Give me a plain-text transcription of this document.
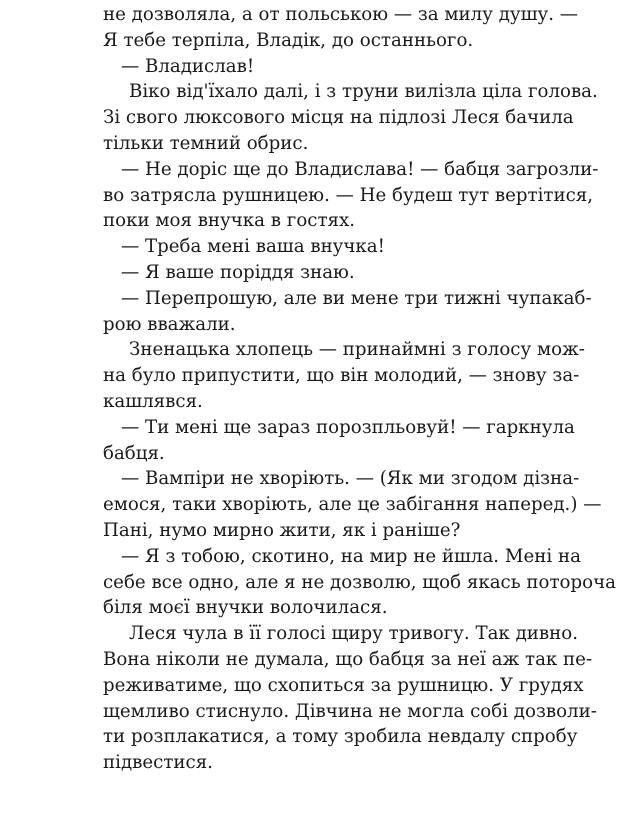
не дозволяла, а от польською — за милу душу. —
Я тебе терпіла, Владік, до останнього.
— Владислав!
Віко від'їхало далі, і з труни вилізла ціла голова.
Зі свого люксового місця на підлозі Леся бачила
тільки темний обрис.
— Не доріс ще до Владислава! — бабця загрозли-
во затрясла рушницею. — Не будеш тут вертітися,
поки моя внучка в гостях.
— Треба мені ваша внучка!
— Я ваше поріддя знаю.
— Перепрошую, але ви мене три тижні чупакаб-
рою вважали.
Зненацька хлопець — принаймні з голосу мож-
на було припустити, що він молодий, — знову за-
кашлявся.
— Ти мені ще зараз порозпльовуй! — гаркнула
бабця.
— Вампіри не хворіють. — (Як ми згодом дізна-
емося, таки хворіють, але це забігання наперед.) —
Пані, нумо мирно жити, як і раніше?
— Я з тобою, скотино, на мир не йшла. Мені на
себе все одно, але я не дозволю, щоб якась потороча
біля моєї внучки волочилася.
Леся чула в її голосі щиру тривогу. Так дивно.
Вона ніколи не думала, що бабця за неї аж так пе-
реживатиме, що схопиться за рушницю. У грудях
щемливо стиснуло. Дівчина не могла собі дозволи-
ти розплакатися, а тому зробила невдалу спробу
підвестися.
